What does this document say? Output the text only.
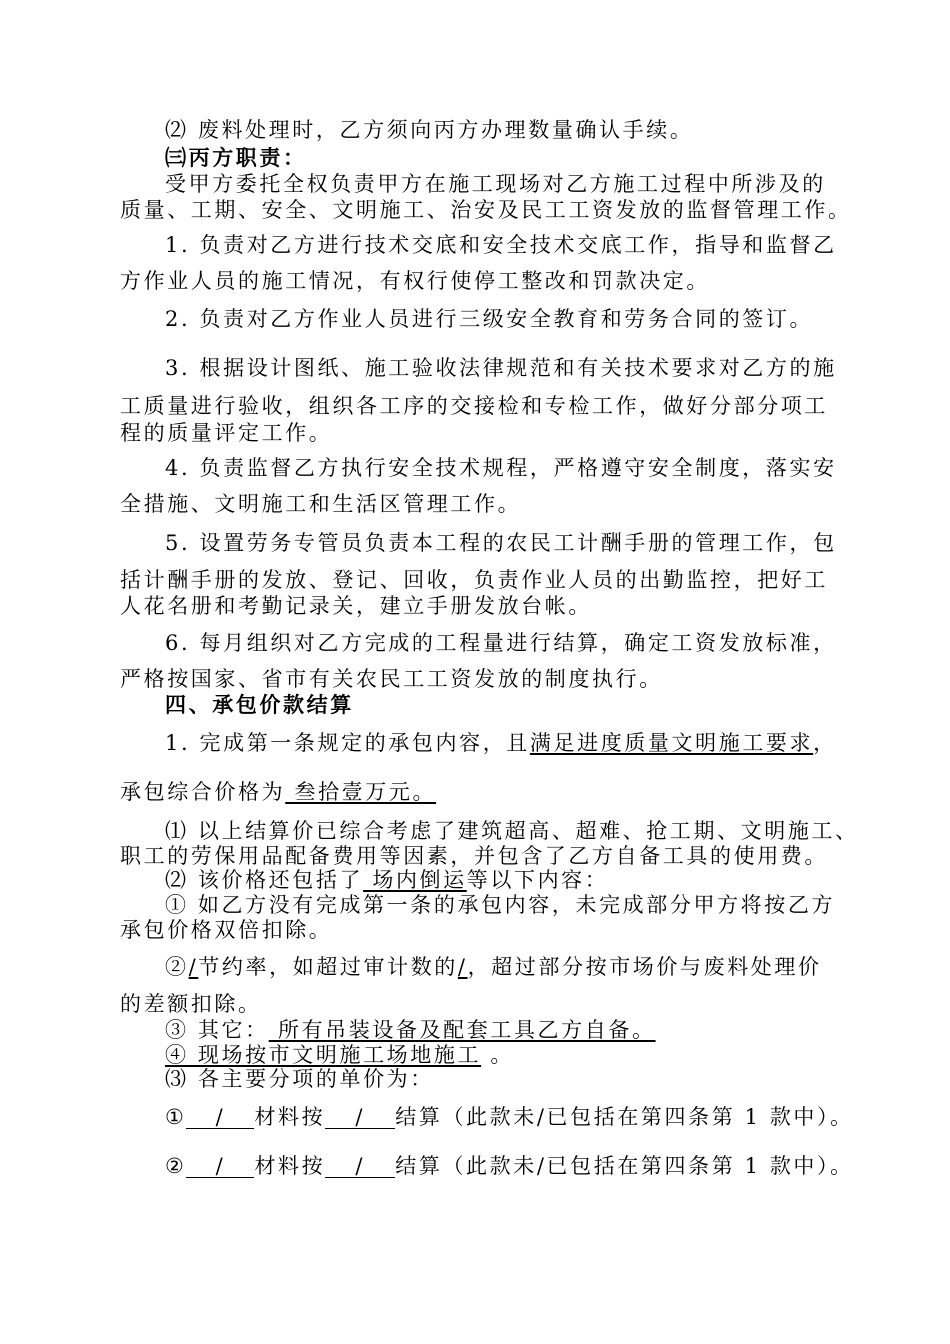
⑵ 废料处理时，乙方须向丙方办理数量确认手续。
㈢丙方职责：
受甲方委托全权负责甲方在施工现场对乙方施工过程中所涉及的
质量、工期、安全、文明施工、治安及民工工资发放的监督管理工作。
1. 负责对乙方进行技术交底和安全技术交底工作，指导和监督乙
方作业人员的施工情况，有权行使停工整改和罚款决定。
2. 负责对乙方作业人员进行三级安全教育和劳务合同的签订。
3. 根据设计图纸、施工验收法律规范和有关技术要求对乙方的施
工质量进行验收，组织各工序的交接检和专检工作，做好分部分项工
程的质量评定工作。
4. 负责监督乙方执行安全技术规程，严格遵守安全制度，落实安
全措施、文明施工和生活区管理工作。
5. 设置劳务专管员负责本工程的农民工计酬手册的管理工作，包
括计酬手册的发放、登记、回收，负责作业人员的出勤监控，把好工
人花名册和考勤记录关，建立手册发放台帐。
6. 每月组织对乙方完成的工程量进行结算，确定工资发放标准，
严格按国家、省市有关农民工工资发放的制度执行。
四、承包价款结算
1. 完成第一条规定的承包内容，且满足进度质量文明施工要求，
承包综合价格为 叁拾壹万元。
⑴ 以上结算价已综合考虑了建筑超高、超难、抢工期、文明施工、
职工的劳保用品配备费用等因素，并包含了乙方自备工具的使用费。
⑵ 该价格还包括了 场内倒运等以下内容：
① 如乙方没有完成第一条的承包内容，未完成部分甲方将按乙方
承包价格双倍扣除。
②/节约率，如超过审计数的/，超过部分按市场价与废料处理价
的差额扣除。
③ 其它： 所有吊装设备及配套工具乙方自备。
④ 现场按市文明施工场地施工 。
⑶ 各主要分项的单价为：
① / 材料按 / 结算（此款未/已包括在第四条第 1 款中）。
② / 材料按 / 结算（此款未/已包括在第四条第 1 款中）。
